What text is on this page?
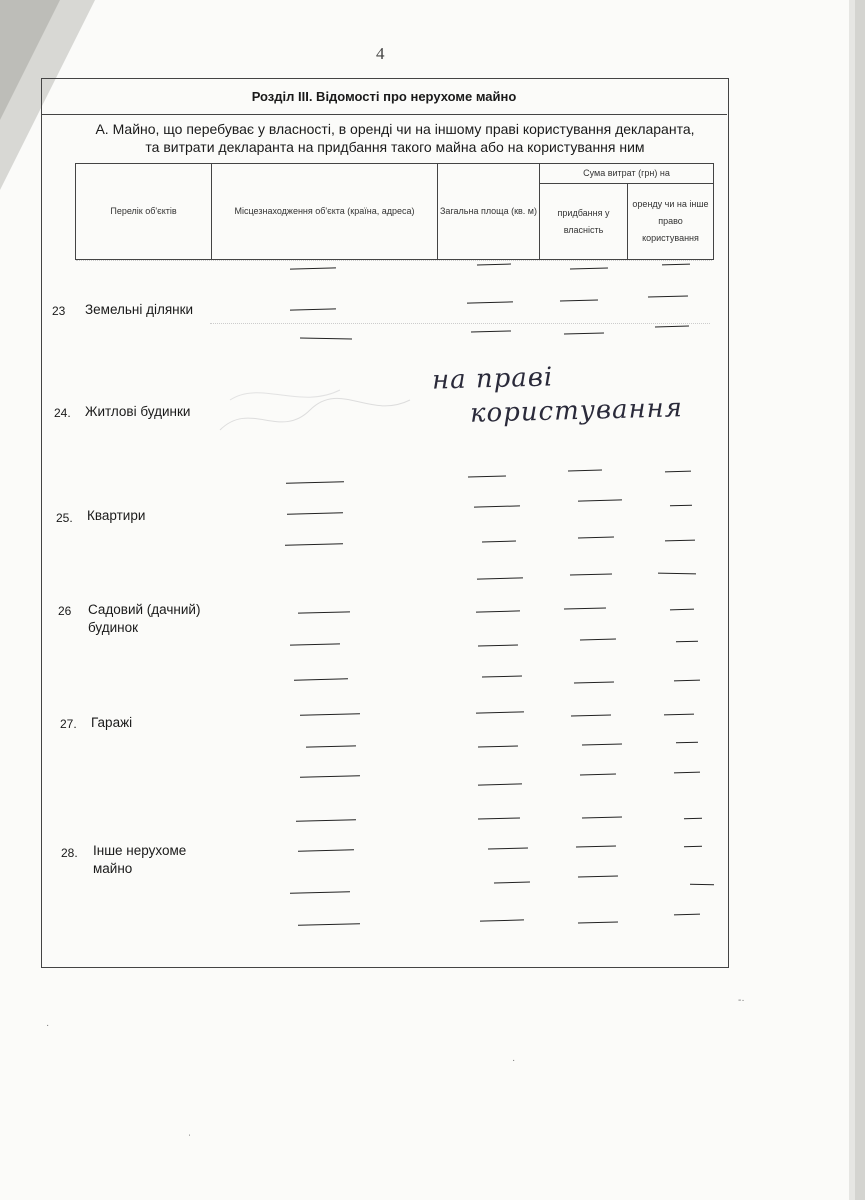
4
Розділ III. Відомості про нерухоме майно
А. Майно, що перебуває у власності, в оренді чи на іншому праві користування декларанта,
та витрати декларанта на придбання такого майна або на користування ним
Перелік об'єктів	Місцезнаходження об'єкта (країна, адреса)	Загальна площа (кв. м)	Сума витрат (грн) на	
			придбання у власність	оренду чи на інше право користування
23 Земельні ділянки
24. Житлові будинки
25. Квартири
26 Садовий (дачний) будинок
27. Гаражі
28. Інше нерухоме майно
на праві
користування
·
·
ˈ
-·
